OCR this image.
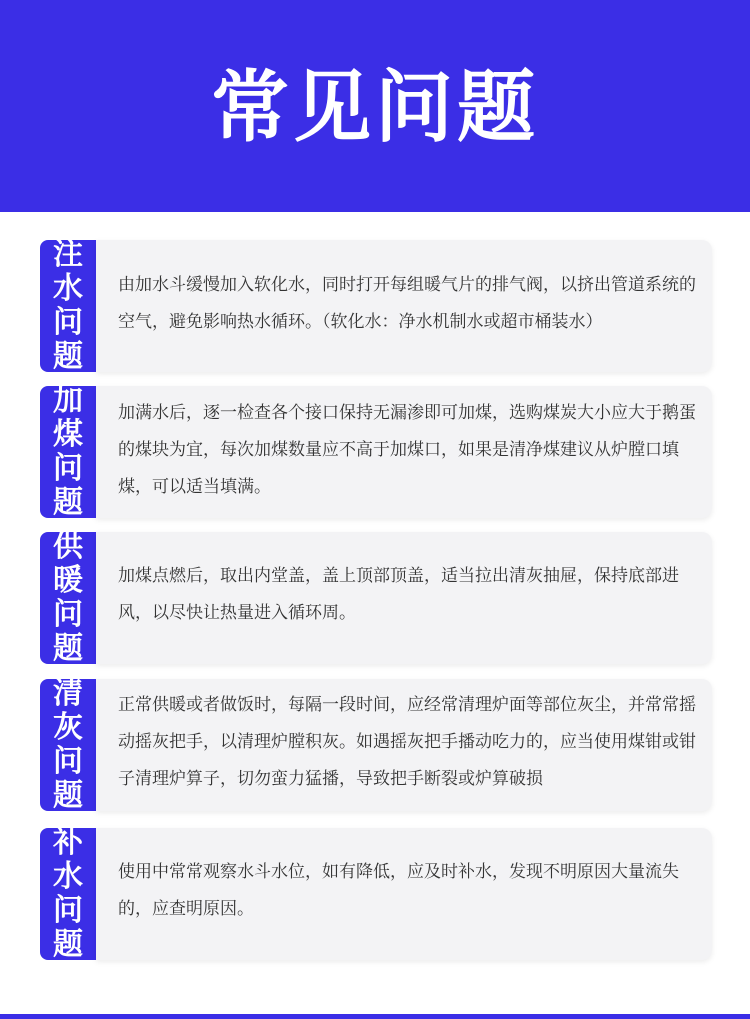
常见问题
注
水
问
题
由加水斗缓慢加入软化水，同时打开每组暖气片的排气阀，以挤出管道系统的空气，避免影响热水循环。（软化水：净水机制水或超市桶装水）
加
煤
问
题
加满水后，逐一检查各个接口保持无漏渗即可加煤，选购煤炭大小应大于鹅蛋的煤块为宜，每次加煤数量应不高于加煤口，如果是清净煤建议从炉膛口填煤，可以适当填满。
供
暖
问
题
加煤点燃后，取出内堂盖，盖上顶部顶盖，适当拉出清灰抽屉，保持底部进风，以尽快让热量进入循环周。
清
灰
问
题
正常供暖或者做饭时，每隔一段时间，应经常清理炉面等部位灰尘，并常常摇动摇灰把手，以清理炉膛积灰。如遇摇灰把手播动吃力的，应当使用煤钳或钳子清理炉算子，切勿蛮力猛播，导致把手断裂或炉算破损
补
水
问
题
使用中常常观察水斗水位，如有降低，应及时补水，发现不明原因大量流失的，应查明原因。
